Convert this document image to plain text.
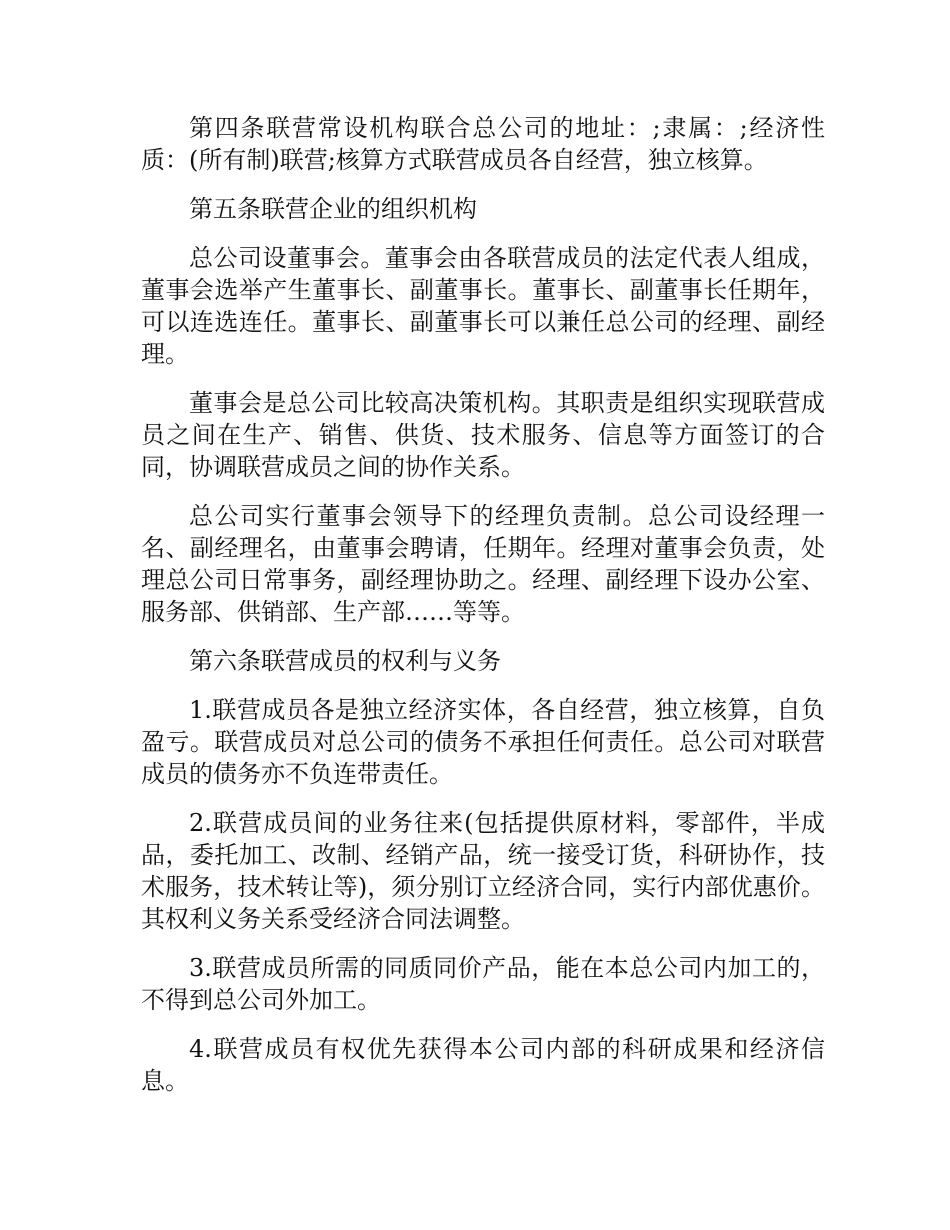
第四条联营常设机构联合总公司的地址：;隶属：;经济性质：(所有制)联营;核算方式联营成员各自经营，独立核算。

第五条联营企业的组织机构

总公司设董事会。董事会由各联营成员的法定代表人组成，董事会选举产生董事长、副董事长。董事长、副董事长任期年，可以连选连任。董事长、副董事长可以兼任总公司的经理、副经理。

董事会是总公司比较高决策机构。其职责是组织实现联营成员之间在生产、销售、供货、技术服务、信息等方面签订的合同，协调联营成员之间的协作关系。

总公司实行董事会领导下的经理负责制。总公司设经理一名、副经理名，由董事会聘请，任期年。经理对董事会负责，处理总公司日常事务，副经理协助之。经理、副经理下设办公室、服务部、供销部、生产部……等等。

第六条联营成员的权利与义务

1.联营成员各是独立经济实体，各自经营，独立核算，自负盈亏。联营成员对总公司的债务不承担任何责任。总公司对联营成员的债务亦不负连带责任。

2.联营成员间的业务往来(包括提供原材料，零部件，半成品，委托加工、改制、经销产品，统一接受订货，科研协作，技术服务，技术转让等)，须分别订立经济合同，实行内部优惠价。其权利义务关系受经济合同法调整。

3.联营成员所需的同质同价产品，能在本总公司内加工的，不得到总公司外加工。

4.联营成员有权优先获得本公司内部的科研成果和经济信息。
